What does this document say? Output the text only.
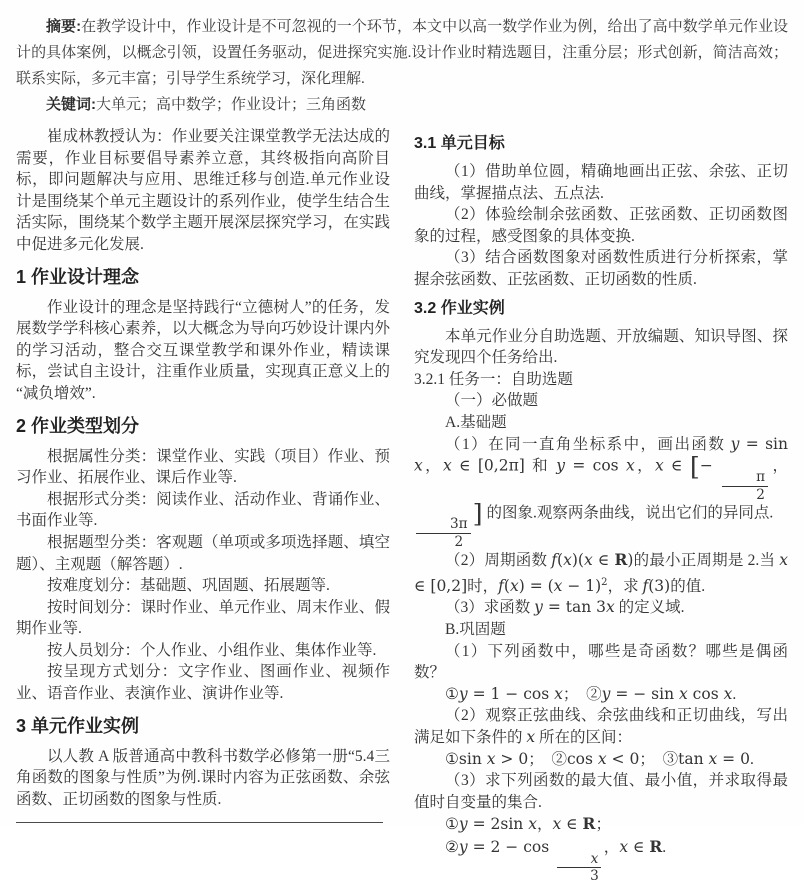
摘要:在教学设计中，作业设计是不可忽视的一个环节，本文中以高一数学作业为例，给出了高中数学单元作业设计的具体案例，以概念引领，设置任务驱动，促进探究实施.设计作业时精选题目，注重分层；形式创新，简洁高效；联系实际，多元丰富；引导学生系统学习，深化理解.

关键词:大单元；高中数学；作业设计；三角函数

崔成林教授认为：作业要关注课堂教学无法达成的需要，作业目标要倡导素养立意，其终极指向高阶目标，即问题解决与应用、思维迁移与创造.单元作业设计是围绕某个单元主题设计的系列作业，使学生结合生活实际，围绕某个数学主题开展深层探究学习，在实践中促进多元化发展.

1 作业设计理念

作业设计的理念是坚持践行“立德树人”的任务，发展数学学科核心素养，以大概念为导向巧妙设计课内外的学习活动，整合交互课堂教学和课外作业，精读课标，尝试自主设计，注重作业质量，实现真正意义上的“减负增效”.

2 作业类型划分

根据属性分类：课堂作业、实践（项目）作业、预习作业、拓展作业、课后作业等.

根据形式分类：阅读作业、活动作业、背诵作业、书面作业等.

根据题型分类：客观题（单项或多项选择题、填空题）、主观题（解答题）.

按难度划分：基础题、巩固题、拓展题等.

按时间划分：课时作业、单元作业、周末作业、假期作业等.

按人员划分：个人作业、小组作业、集体作业等.

按呈现方式划分：文字作业、图画作业、视频作业、语音作业、表演作业、演讲作业等.

3 单元作业实例

以人教 A 版普通高中教科书数学必修第一册“5.4三角函数的图象与性质”为例.课时内容为正弦函数、余弦函数、正切函数的图象与性质.

3.1 单元目标

（1）借助单位圆，精确地画出正弦、余弦、正切曲线，掌握描点法、五点法.

（2）体验绘制余弦函数、正弦函数、正切函数图象的过程，感受图象的具体变换.

（3）结合函数图象对函数性质进行分析探索，掌握余弦函数、正弦函数、正切函数的性质.

3.2 作业实例

本单元作业分自助选题、开放编题、知识导图、探究发现四个任务给出.

3.2.1 任务一：自助选题

（一）必做题

A.基础题

（1）在同一直角坐标系中，画出函数 y = sin x，x ∈ [0,2π] 和 y = cos x，x ∈ [−
$\frac{\pi}{2}$
，
$\frac{3\pi}{2}$
] 的图象.观察两条曲线，说出它们的异同点.

（2）周期函数 f(x)(x ∈ R)的最小正周期是 2.当 x ∈ [0,2]时，$f(x) = (x - 1)^2$，求 f(3)的值.

（3）求函数 y = tan 3x 的定义域.

B.巩固题

（1）下列函数中，哪些是奇函数？哪些是偶函数？

①y = 1 − cos x；　②y = − sin x cos x.

（2）观察正弦曲线、余弦曲线和正切曲线，写出满足如下条件的 x 所在的区间：

①sin x > 0；　②cos x < 0；　③tan x = 0.

（3）求下列函数的最大值、最小值，并求取得最值时自变量的集合.

①y = 2sin x，x ∈ R；

②y = 2 − cos
$\frac{x}{3}$
，x ∈ R.
